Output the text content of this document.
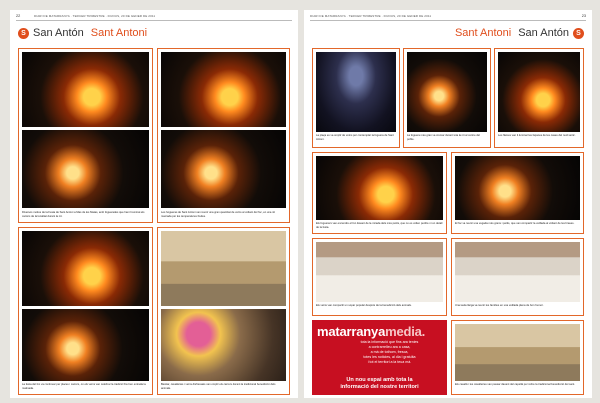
22	DIARI DE MATARRANYA · TERCER TRIMESTRE · DIJOUS, 20 DE GENER DE 2011
S San Antón Sant Antoni
Diversos motius de la Festa de Sant Antoni a Mas de les Matas, amb foguerades que han il·luminat els carrers de la localitat durant la nit.
Les hogueras de Sant Antoni van reunir una gran quantitat de veïns al voltant del foc, en una nit marcada per les temperatures fredes.
La festa del foc va continuar per places i carrers, on els veïns van celebrar la tradició fins ben entrada la matinada.
Bestiar, cavalleries i veïns disfressats van omplir els carrers durant la tradicional benedicció dels animals.
DIARI DE MATARRANYA · TERCER TRIMESTRE · DIJOUS, 20 DE GENER DE 2011	23
Sant Antoni San Antón	S
La plaça es va omplir de veïns per contemplar la foguera de Sant Antoni.
La foguera més gran va cremar durant tota la nit al centre del poble.
Les flames van il·luminar les façanes de les cases del nucli antic.
Els foguerers van encendre el foc davant de la mirada dels més petits, que no es volien perdre ni un detall de la festa.
El foc va reunir una vegada més grans i petits, que van compartir la vetllada al voltant de les brases.
Els veïns van compartir un sopar popular després de la benedicció dels animals.	Una taula llarga va reunir les famílies en una vetllada plena de bon humor.
matarranyamedia.
tota la informació que fins ara tenies
a contrarrelleu ara a casa,
a mà de tothom, fresca,
totes les noticies, al dia i gratuïta
i tot el territori a la teua mà.
Un nou espai amb tota la
informació del nostre territori	Els cavalls i les cavalleries van passar davant del capellà per rebre la tradicional benedicció del sant.
